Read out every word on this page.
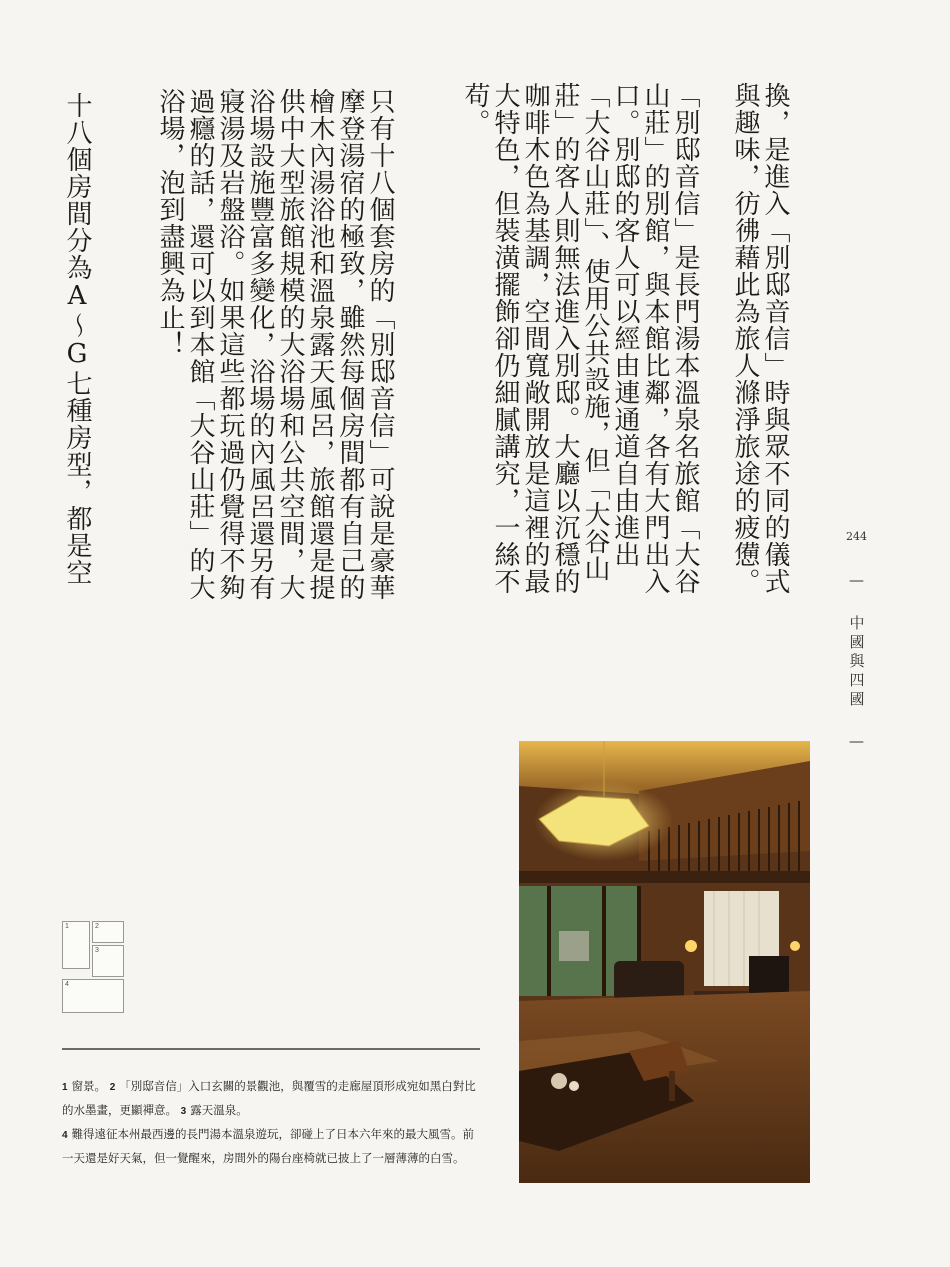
244 — 中國與四國 —
換，是進入「別邸音信」時與眾不同的儀式
與趣味，彷彿藉此為旅人滌淨旅途的疲憊。

「別邸音信」是長門湯本溫泉名旅館「大谷
山莊」的別館，與本館比鄰，各有大門出入
口。別邸的客人可以經由連通道自由進出
「大谷山莊」、使用公共設施，但「大谷山
莊」的客人則無法進入別邸。大廳以沉穩的
咖啡木色為基調，空間寬敞開放是這裡的最
大特色，但裝潢擺飾卻仍細膩講究，一絲不
苟。
只有十八個套房的「別邸音信」可說是豪華
摩登湯宿的極致，雖然每個房間都有自己的
檜木內湯浴池和溫泉露天風呂，旅館還是提
供中大型旅館規模的大浴場和公共空間，大
浴場設施豐富多變化，浴場的內風呂還另有
寢湯及岩盤浴。如果這些都玩過仍覺得不夠
過癮的話，還可以到本館「大谷山莊」的大
浴場，泡到盡興為止！
十八個房間分為A～G七種房型，都是空
1	2
3
4
1 窗景。 2 「別邸音信」入口玄關的景觀池，與覆雪的走廊屋頂形成宛如黑白對比的水墨畫，更顯禪意。 3 露天溫泉。
4 難得遠征本州最西邊的長門湯本溫泉遊玩，卻碰上了日本六年來的最大風雪。前一天還是好天氣，但一覺醒來，房間外的陽台座椅就已披上了一層薄薄的白雪。
